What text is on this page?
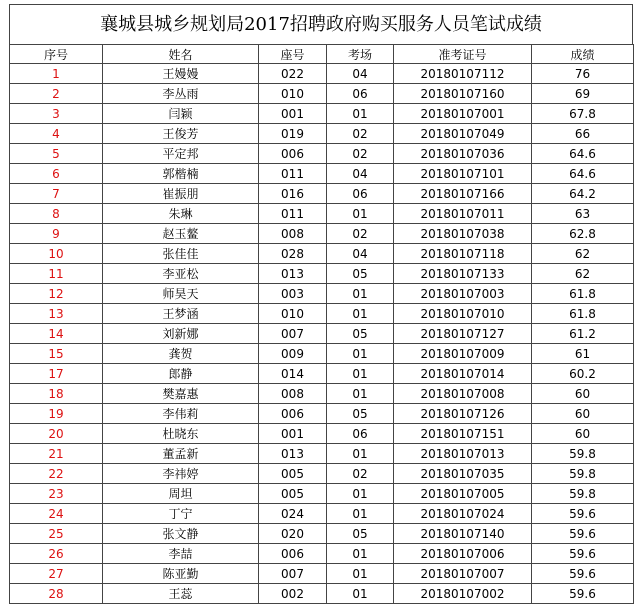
襄城县城乡规划局2017招聘政府购买服务人员笔试成绩
序号	姓名	座号	考场	准考证号	成绩
1	王嫚嫚	022	04	20180107112	76
2	李丛雨	010	06	20180107160	69
3	闫颖	001	01	20180107001	67.8
4	王俊芳	019	02	20180107049	66
5	平定邦	006	02	20180107036	64.6
6	郭楷楠	011	04	20180107101	64.6
7	崔振朋	016	06	20180107166	64.2
8	朱琳	011	01	20180107011	63
9	赵玉鳌	008	02	20180107038	62.8
10	张佳佳	028	04	20180107118	62
11	李亚松	013	05	20180107133	62
12	师昊天	003	01	20180107003	61.8
13	王梦涵	010	01	20180107010	61.8
14	刘新娜	007	05	20180107127	61.2
15	龚贺	009	01	20180107009	61
17	郎静	014	01	20180107014	60.2
18	樊嘉惠	008	01	20180107008	60
19	李伟莉	006	05	20180107126	60
20	杜晓东	001	06	20180107151	60
21	董孟新	013	01	20180107013	59.8
22	李祎婷	005	02	20180107035	59.8
23	周坦	005	01	20180107005	59.8
24	丁宁	024	01	20180107024	59.6
25	张文静	020	05	20180107140	59.6
26	李喆	006	01	20180107006	59.6
27	陈亚勤	007	01	20180107007	59.6
28	王蕊	002	01	20180107002	59.6
